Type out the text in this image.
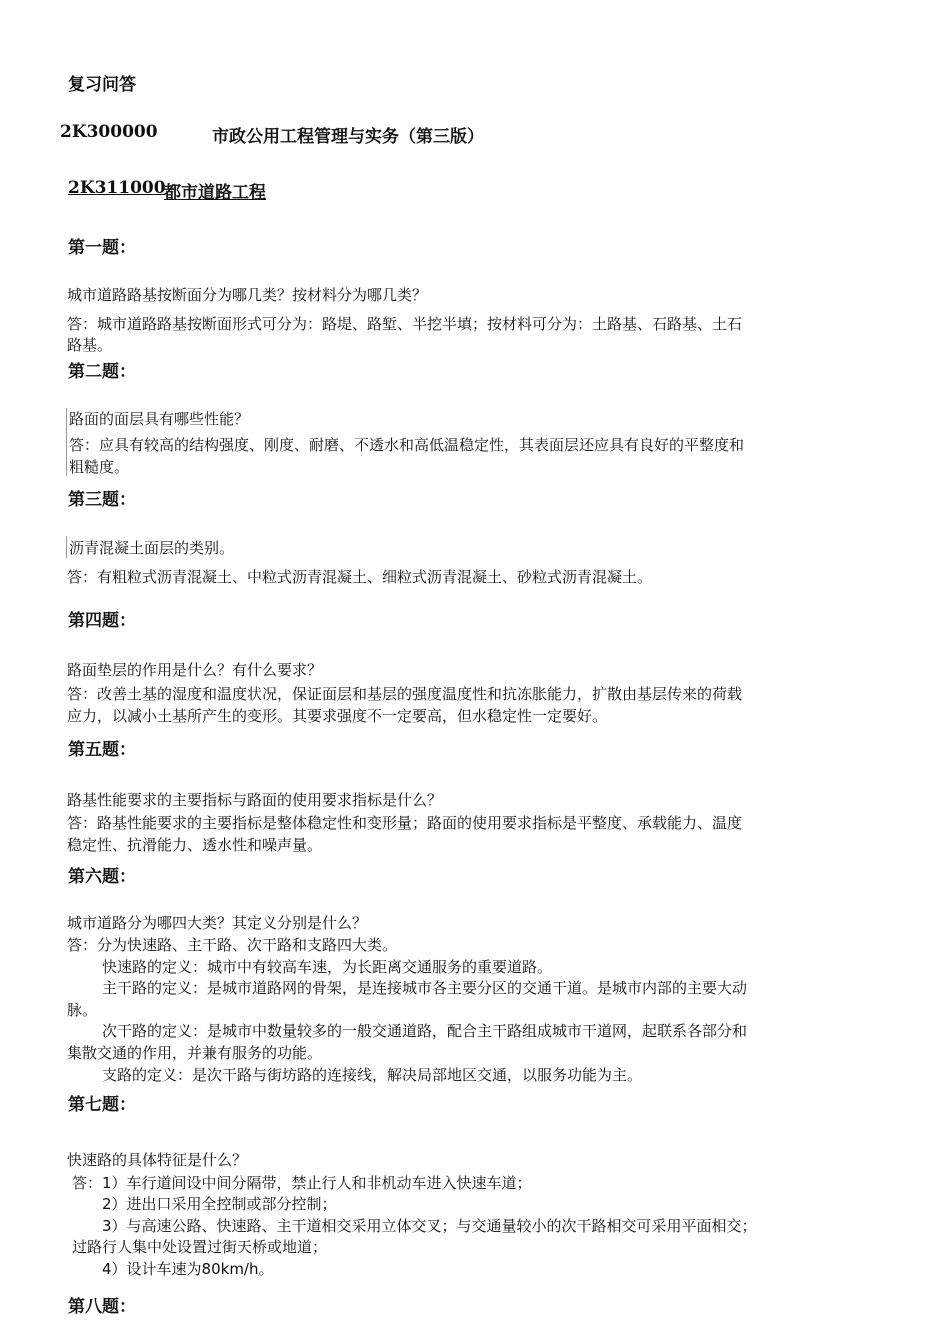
复习问答
2K300000	市政公用工程管理与实务（第三版）
2K311000
都市道路工程
第一题：
城市道路路基按断面分为哪几类？按材料分为哪几类？
答：城市道路路基按断面形式可分为：路堤、路堑、半挖半填；按材料可分为：土路基、石路基、土石
路基。
第二题：
路面的面层具有哪些性能？
答：应具有较高的结构强度、刚度、耐磨、不透水和高低温稳定性，其表面层还应具有良好的平整度和
粗糙度。
第三题：
沥青混凝土面层的类别。
答：有粗粒式沥青混凝土、中粒式沥青混凝土、细粒式沥青混凝土、砂粒式沥青混凝土。
第四题：
路面垫层的作用是什么？有什么要求？
答：改善土基的湿度和温度状况，保证面层和基层的强度温度性和抗冻胀能力，扩散由基层传来的荷载
应力，以减小土基所产生的变形。其要求强度不一定要高，但水稳定性一定要好。
第五题：
路基性能要求的主要指标与路面的使用要求指标是什么？
答：路基性能要求的主要指标是整体稳定性和变形量；路面的使用要求指标是平整度、承载能力、温度
稳定性、抗滑能力、透水性和噪声量。
第六题：
城市道路分为哪四大类？其定义分别是什么？
答：分为快速路、主干路、次干路和支路四大类。
快速路的定义：城市中有较高车速，为长距离交通服务的重要道路。
主干路的定义：是城市道路网的骨架，是连接城市各主要分区的交通干道。是城市内部的主要大动
脉。
次干路的定义：是城市中数量较多的一般交通道路，配合主干路组成城市干道网，起联系各部分和
集散交通的作用，并兼有服务的功能。
支路的定义：是次干路与街坊路的连接线，解决局部地区交通，以服务功能为主。
第七题：
快速路的具体特征是什么？
答：1）车行道间设中间分隔带，禁止行人和非机动车进入快速车道；
2）进出口采用全控制或部分控制；
3）与高速公路、快速路、主干道相交采用立体交叉；与交通量较小的次干路相交可采用平面相交；
过路行人集中处设置过街天桥或地道；
4）设计车速为80km/h。
第八题：
